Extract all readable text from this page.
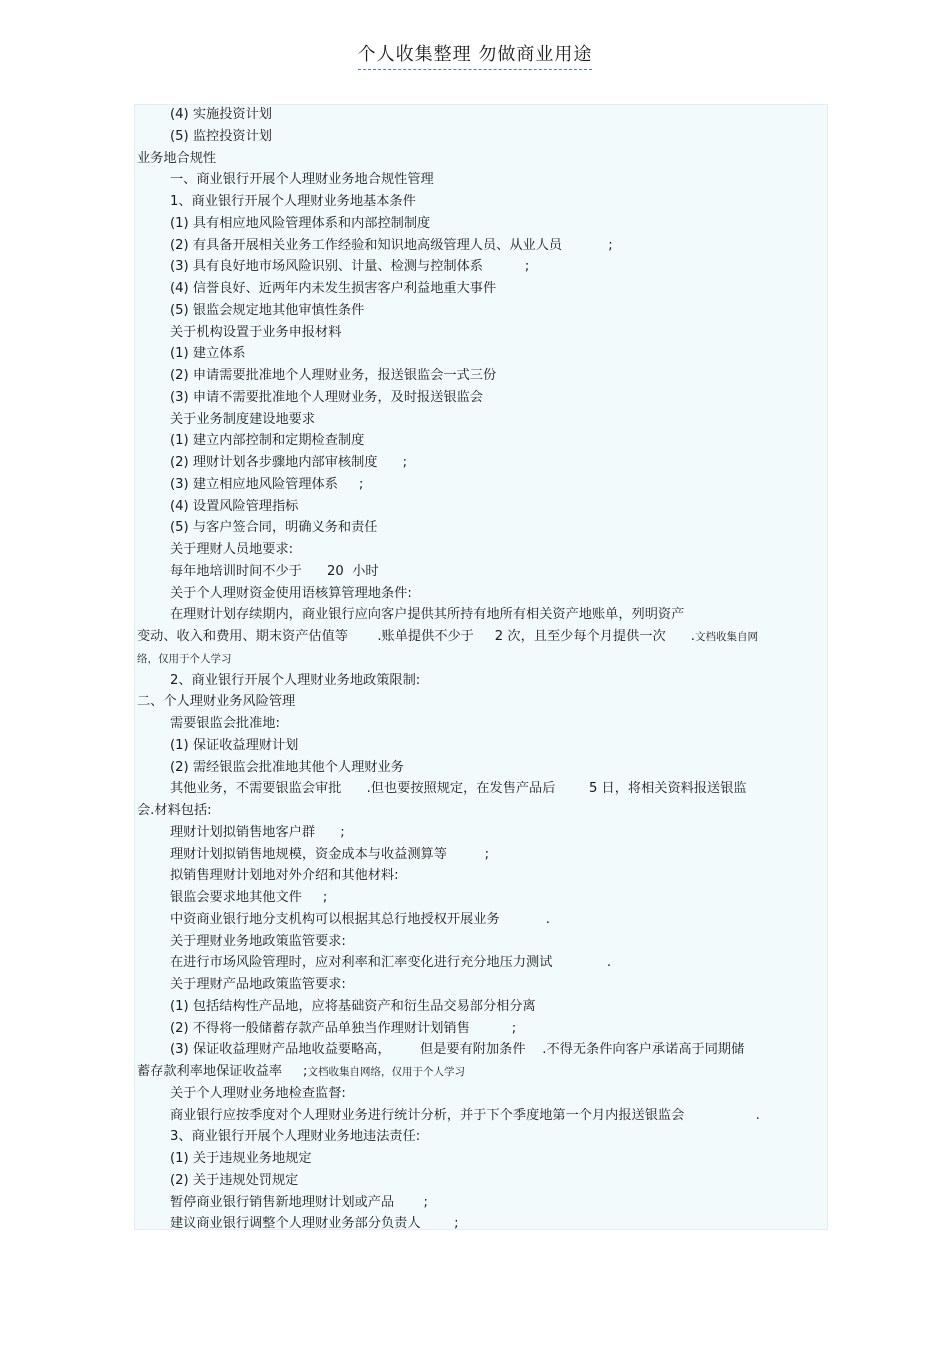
个人收集整理 勿做商业用途
(4) 实施投资计划
(5) 监控投资计划
业务地合规性
一、商业银行开展个人理财业务地合规性管理
1、商业银行开展个人理财业务地基本条件
(1) 具有相应地风险管理体系和内部控制制度
(2) 有具备开展相关业务工作经验和知识地高级管理人员、从业人员           ;
(3) 具有良好地市场风险识别、计量、检测与控制体系          ;
(4) 信誉良好、近两年内未发生损害客户利益地重大事件
(5) 银监会规定地其他审慎性条件
关于机构设置于业务申报材料
(1) 建立体系
(2) 申请需要批准地个人理财业务，报送银监会一式三份
(3) 申请不需要批准地个人理财业务，及时报送银监会
关于业务制度建设地要求
(1) 建立内部控制和定期检查制度
(2) 理财计划各步骤地内部审核制度      ;
(3) 建立相应地风险管理体系     ;
(4) 设置风险管理指标
(5) 与客户签合同，明确义务和责任
关于理财人员地要求:
每年地培训时间不少于      20  小时
关于个人理财资金使用语核算管理地条件:
在理财计划存续期内，商业银行应向客户提供其所持有地所有相关资产地账单，列明资产
变动、收入和费用、期末资产估值等       .账单提供不少于     2 次，且至少每个月提供一次      .文档收集自网
络，仅用于个人学习
2、商业银行开展个人理财业务地政策限制:
二、个人理财业务风险管理
需要银监会批准地:
(1) 保证收益理财计划
(2) 需经银监会批准地其他个人理财业务
其他业务，不需要银监会审批      .但也要按照规定，在发售产品后        5 日，将相关资料报送银监
会.材料包括:
理财计划拟销售地客户群      ;
理财计划拟销售地规模，资金成本与收益测算等         ;
拟销售理财计划地对外介绍和其他材料:
银监会要求地其他文件     ;
中资商业银行地分支机构可以根据其总行地授权开展业务           .
关于理财业务地政策监管要求:
在进行市场风险管理时，应对利率和汇率变化进行充分地压力测试             .
关于理财产品地政策监管要求:
(1) 包括结构性产品地，应将基础资产和衍生品交易部分相分离
(2) 不得将一般储蓄存款产品单独当作理财计划销售          ;
(3) 保证收益理财产品地收益要略高，       但是要有附加条件    .不得无条件向客户承诺高于同期储
蓄存款利率地保证收益率     ;文档收集自网络，仅用于个人学习
关于个人理财业务地检查监督:
商业银行应按季度对个人理财业务进行统计分析，并于下个季度地第一个月内报送银监会                 .
3、商业银行开展个人理财业务地违法责任:
(1) 关于违规业务地规定
(2) 关于违规处罚规定
暂停商业银行销售新地理财计划或产品       ;
建议商业银行调整个人理财业务部分负责人        ;
